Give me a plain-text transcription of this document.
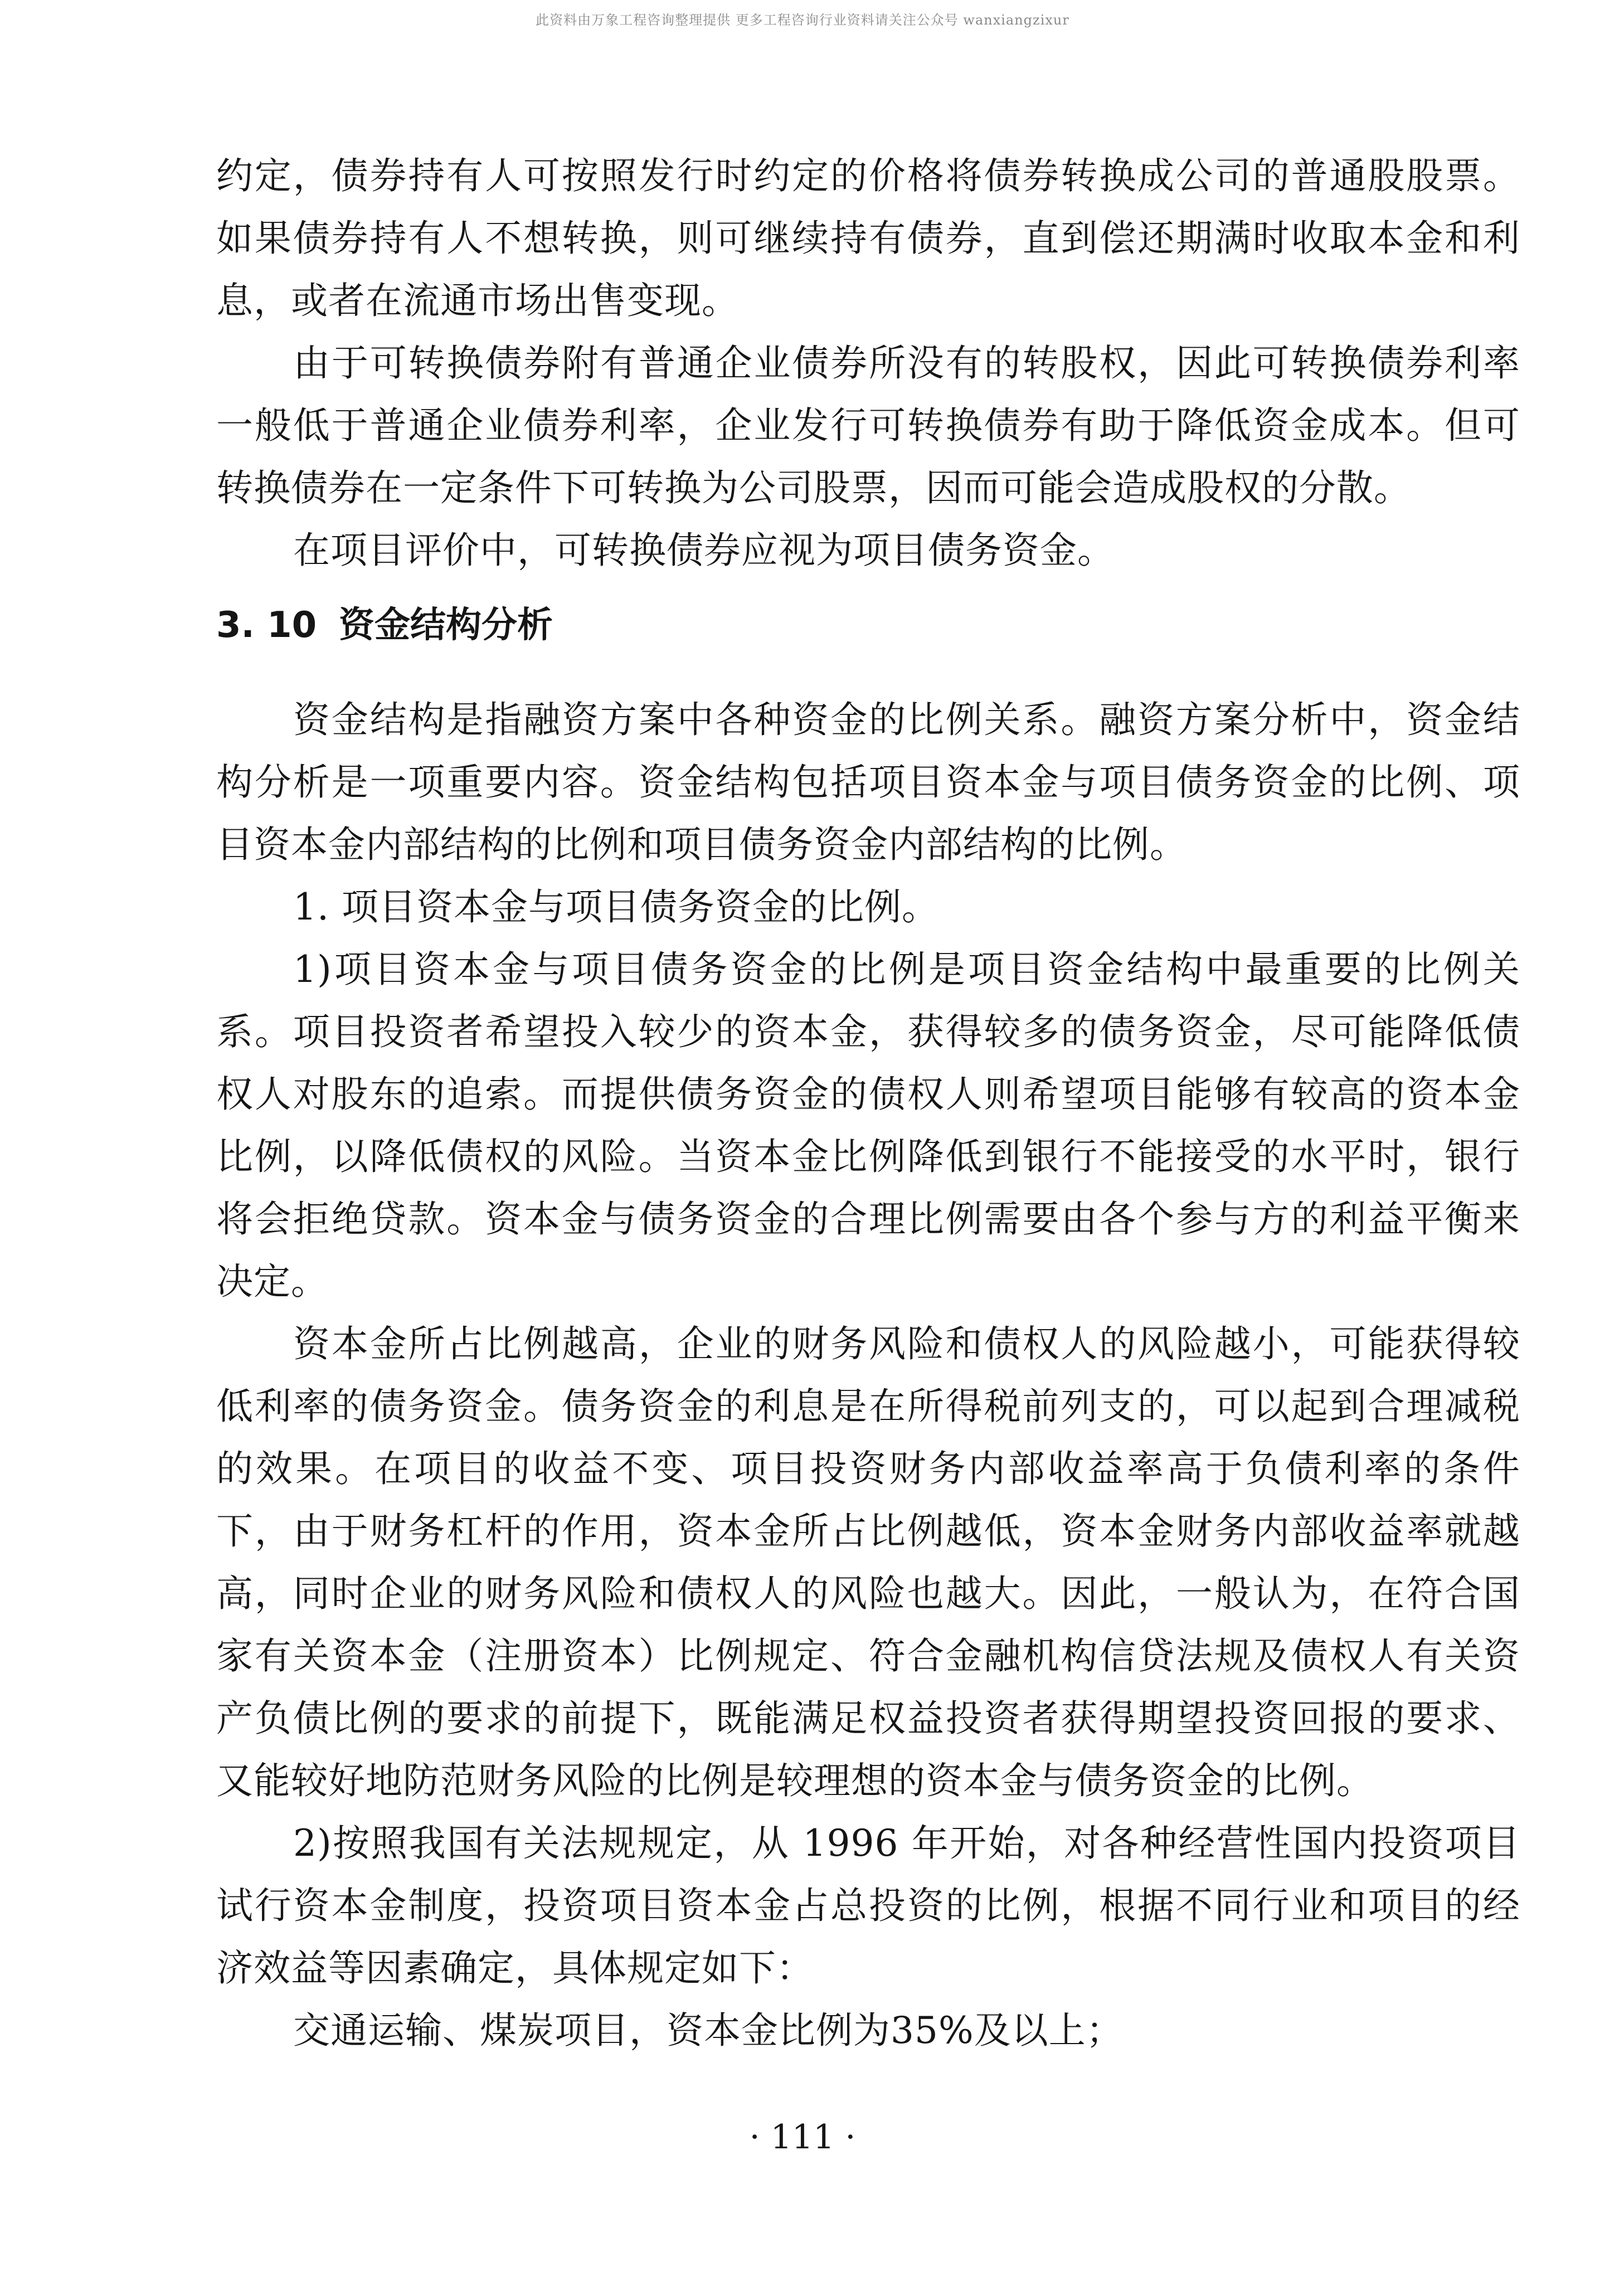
此资料由万象工程咨询整理提供 更多工程咨询行业资料请关注公众号 wanxiangzixur

约定，债券持有人可按照发行时约定的价格将债券转换成公司的普通股股票。如果债券持有人不想转换，则可继续持有债券，直到偿还期满时收取本金和利息，或者在流通市场出售变现。

由于可转换债券附有普通企业债券所没有的转股权，因此可转换债券利率一般低于普通企业债券利率，企业发行可转换债券有助于降低资金成本。但可转换债券在一定条件下可转换为公司股票，因而可能会造成股权的分散。

在项目评价中，可转换债券应视为项目债务资金。

3. 10 资金结构分析

资金结构是指融资方案中各种资金的比例关系。融资方案分析中，资金结构分析是一项重要内容。资金结构包括项目资本金与项目债务资金的比例、项目资本金内部结构的比例和项目债务资金内部结构的比例。

1. 项目资本金与项目债务资金的比例。

1)项目资本金与项目债务资金的比例是项目资金结构中最重要的比例关系。项目投资者希望投入较少的资本金，获得较多的债务资金，尽可能降低债权人对股东的追索。而提供债务资金的债权人则希望项目能够有较高的资本金比例，以降低债权的风险。当资本金比例降低到银行不能接受的水平时，银行将会拒绝贷款。资本金与债务资金的合理比例需要由各个参与方的利益平衡来决定。

资本金所占比例越高，企业的财务风险和债权人的风险越小，可能获得较低利率的债务资金。债务资金的利息是在所得税前列支的，可以起到合理减税的效果。在项目的收益不变、项目投资财务内部收益率高于负债利率的条件下，由于财务杠杆的作用，资本金所占比例越低，资本金财务内部收益率就越高，同时企业的财务风险和债权人的风险也越大。因此，一般认为，在符合国家有关资本金（注册资本）比例规定、符合金融机构信贷法规及债权人有关资产负债比例的要求的前提下，既能满足权益投资者获得期望投资回报的要求、又能较好地防范财务风险的比例是较理想的资本金与债务资金的比例。

2)按照我国有关法规规定，从 1996 年开始，对各种经营性国内投资项目试行资本金制度，投资项目资本金占总投资的比例，根据不同行业和项目的经济效益等因素确定，具体规定如下：

交通运输、煤炭项目，资本金比例为35%及以上；

· 111 ·
